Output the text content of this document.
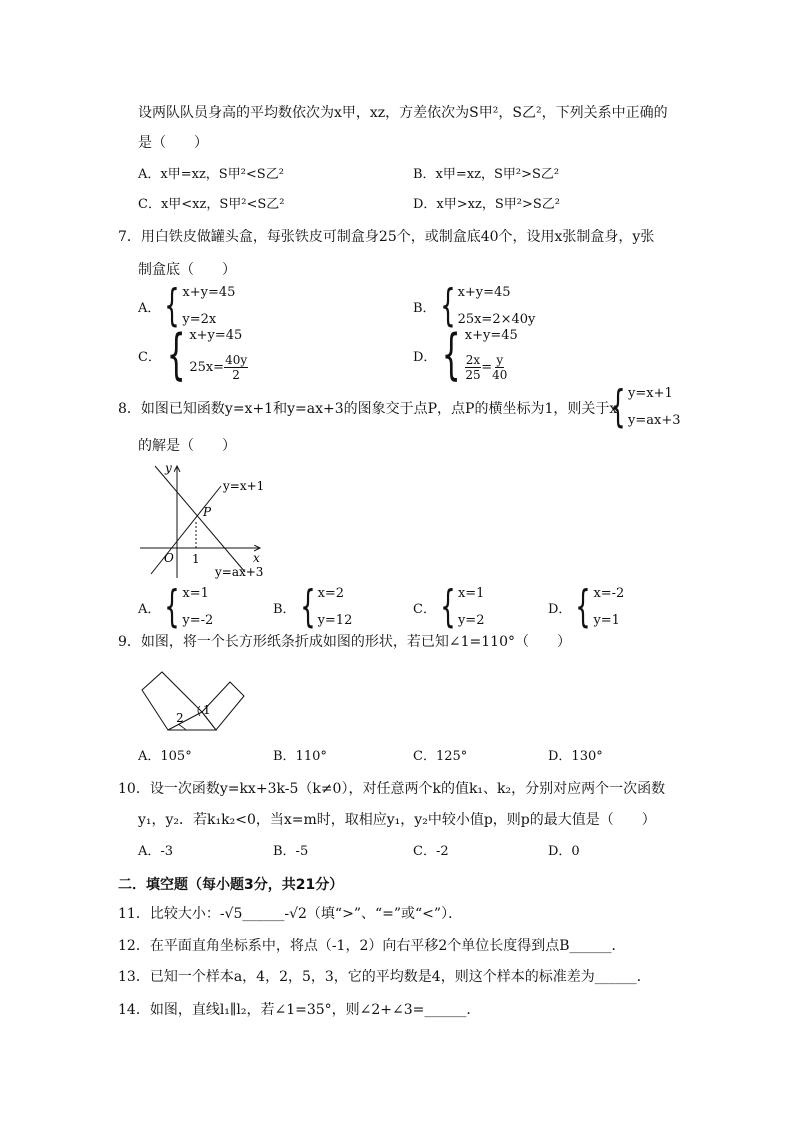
设两队队员身高的平均数依次为x甲，xz，方差依次为S甲²，S乙²，下列关系中正确的
是（　　）
A．x甲=xz，S甲²<S乙²	B．x甲=xz，S甲²>S乙²
C．x甲<xz，S甲²<S乙²	D．x甲>xz，S甲²>S乙²
7．用白铁皮做罐头盒，每张铁皮可制盒身25个，或制盒底40个，设用x张制盒身，y张
制盒底（　　）
A． { x+y=45
y=2x
B． { x+y=45
25x=2×40y
C． { x+y=45
$25x= \frac{40y}{2}$	D． { x+y=45
$\frac{2x}{25} = \frac{y}{40}$
8．如图已知函数y=x+1和y=ax+3的图象交于点P，点P的横坐标为1，则关于x
{ y=x+1
y=ax+3
的解是（　　）
y
x
O 1
P
y=x+1
y=ax+3
A． { x=1
y=-2
B． { x=2
y=12
C． { x=1
y=2
D． { x=-2
y=1
9．如图，将一个长方形纸条折成如图的形状，若已知∠1=110°（　　）
1
2
A．105°	B．110°	C．125°	D．130°
10．设一次函数y=kx+3k-5（k≠0），对任意两个k的值k₁、k₂，分别对应两个一次函数
y₁，y₂．若k₁k₂<0，当x=m时，取相应y₁，y₂中较小值p，则p的最大值是（　　）
A．-3	B．-5	C．-2	D．0
二．填空题（每小题3分，共21分）
11．比较大小：-√5______-√2（填“>”、“=”或“<”）．
12．在平面直角坐标系中，将点（-1，2）向右平移2个单位长度得到点B______．
13．已知一个样本a，4，2，5，3，它的平均数是4，则这个样本的标准差为______．
14．如图，直线l₁∥l₂，若∠1=35°，则∠2+∠3=______．
